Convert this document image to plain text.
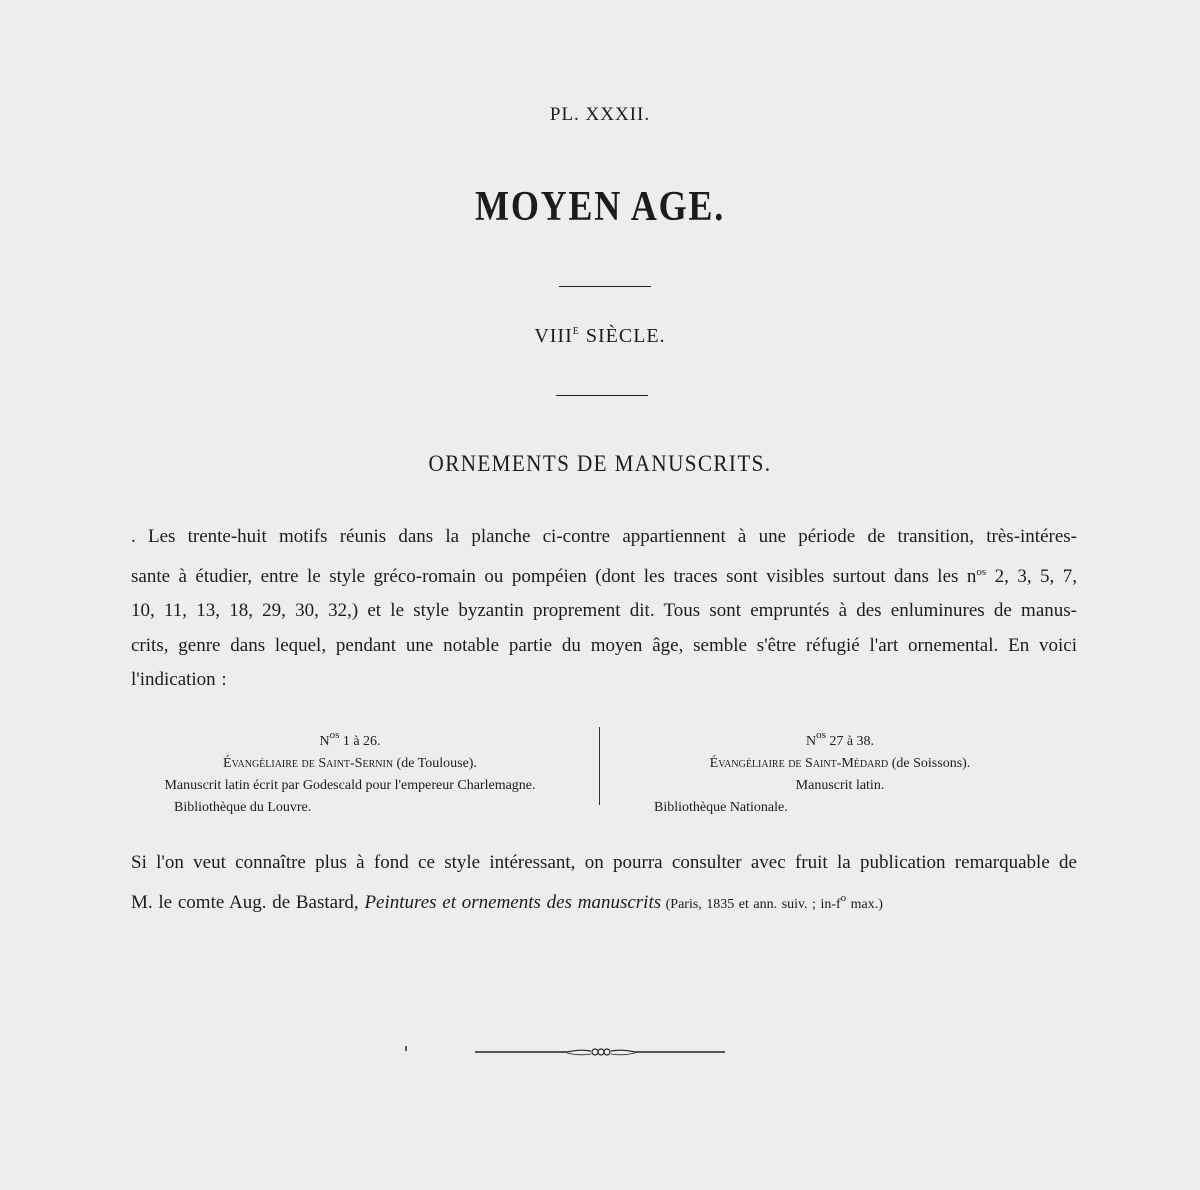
PL. XXXII.
MOYEN AGE.
$VIII^E$ SIÈCLE.
ORNEMENTS DE MANUSCRITS.
. Les trente-huit motifs réunis dans la planche ci-contre appartiennent à une période de transition, très-intéres-
sante à étudier, entre le style gréco-romain ou pompéien (dont les traces sont visibles surtout dans les $n^{os}$ 2, 3, 5, 7,
10, 11, 13, 18, 29, 30, 32,) et le style byzantin proprement dit. Tous sont empruntés à des enluminures de manus-
crits, genre dans lequel, pendant une notable partie du moyen âge, semble s'être réfugié l'art ornemental. En voici
l'indication :
$N^{os}$ 1 à 26.
Évangéliaire de Saint-Sernin (de Toulouse).
Manuscrit latin écrit par Godescald pour l'empereur Charlemagne.
Bibliothèque du Louvre.
$N^{os}$ 27 à 38.
Évangéliaire de Saint-Médard (de Soissons).
Manuscrit latin.
Bibliothèque Nationale.
Si l'on veut connaître plus à fond ce style intéressant, on pourra consulter avec fruit la publication remarquable de
M. le comte Aug. de Bastard, Peintures et ornements des manuscrits (Paris, 1835 et ann. suiv. ; $in-f^o$ max.)
